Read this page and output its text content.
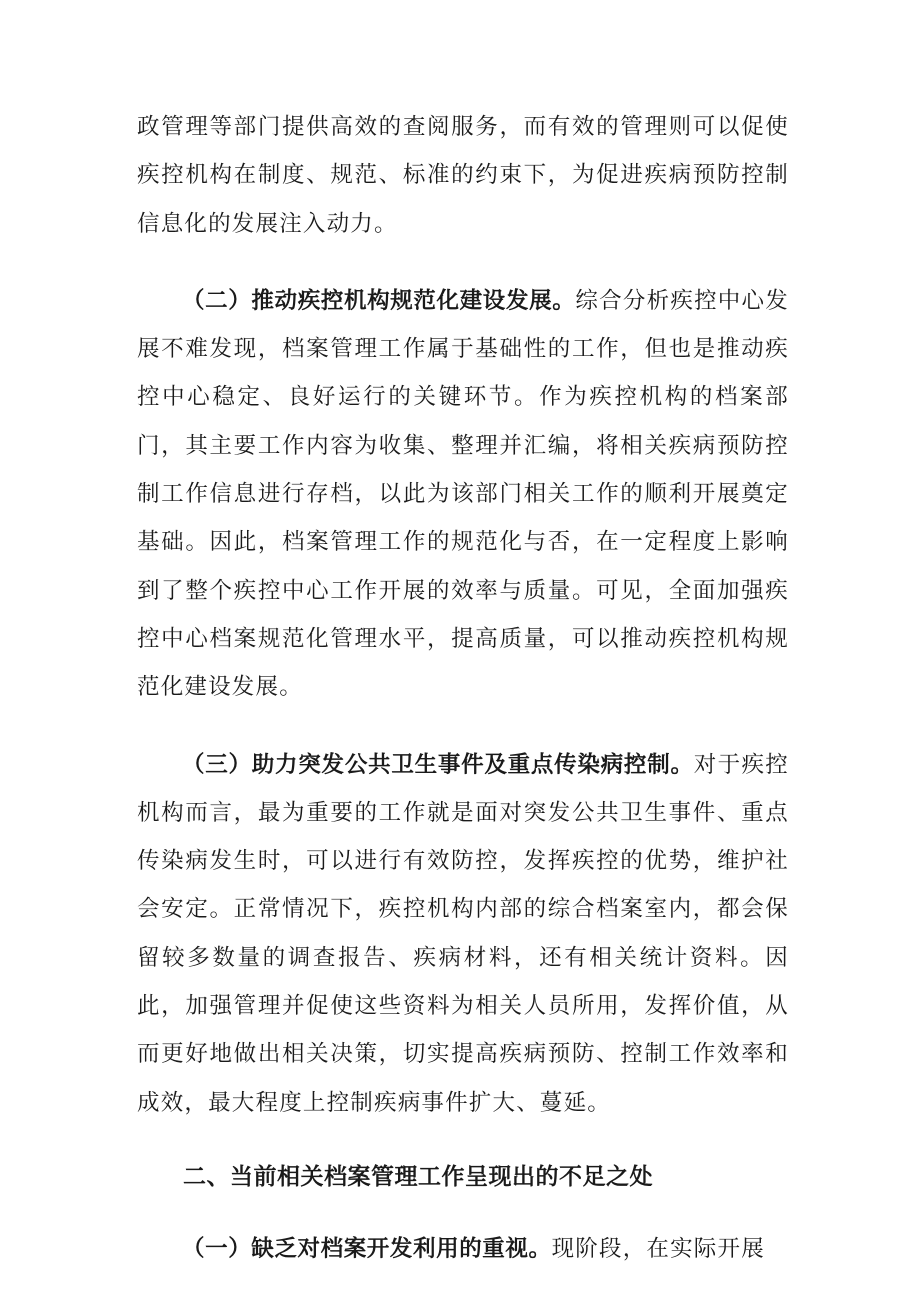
政管理等部门提供高效的查阅服务，而有效的管理则可以促使疾控机构在制度、规范、标准的约束下，为促进疾病预防控制信息化的发展注入动力。

（二）推动疾控机构规范化建设发展。综合分析疾控中心发展不难发现，档案管理工作属于基础性的工作，但也是推动疾控中心稳定、良好运行的关键环节。作为疾控机构的档案部门，其主要工作内容为收集、整理并汇编，将相关疾病预防控制工作信息进行存档，以此为该部门相关工作的顺利开展奠定基础。因此，档案管理工作的规范化与否，在一定程度上影响到了整个疾控中心工作开展的效率与质量。可见，全面加强疾控中心档案规范化管理水平，提高质量，可以推动疾控机构规范化建设发展。

（三）助力突发公共卫生事件及重点传染病控制。对于疾控机构而言，最为重要的工作就是面对突发公共卫生事件、重点传染病发生时，可以进行有效防控，发挥疾控的优势，维护社会安定。正常情况下，疾控机构内部的综合档案室内，都会保留较多数量的调查报告、疾病材料，还有相关统计资料。因此，加强管理并促使这些资料为相关人员所用，发挥价值，从而更好地做出相关决策，切实提高疾病预防、控制工作效率和成效，最大程度上控制疾病事件扩大、蔓延。

二、当前相关档案管理工作呈现出的不足之处

（一）缺乏对档案开发利用的重视。现阶段，在实际开展
